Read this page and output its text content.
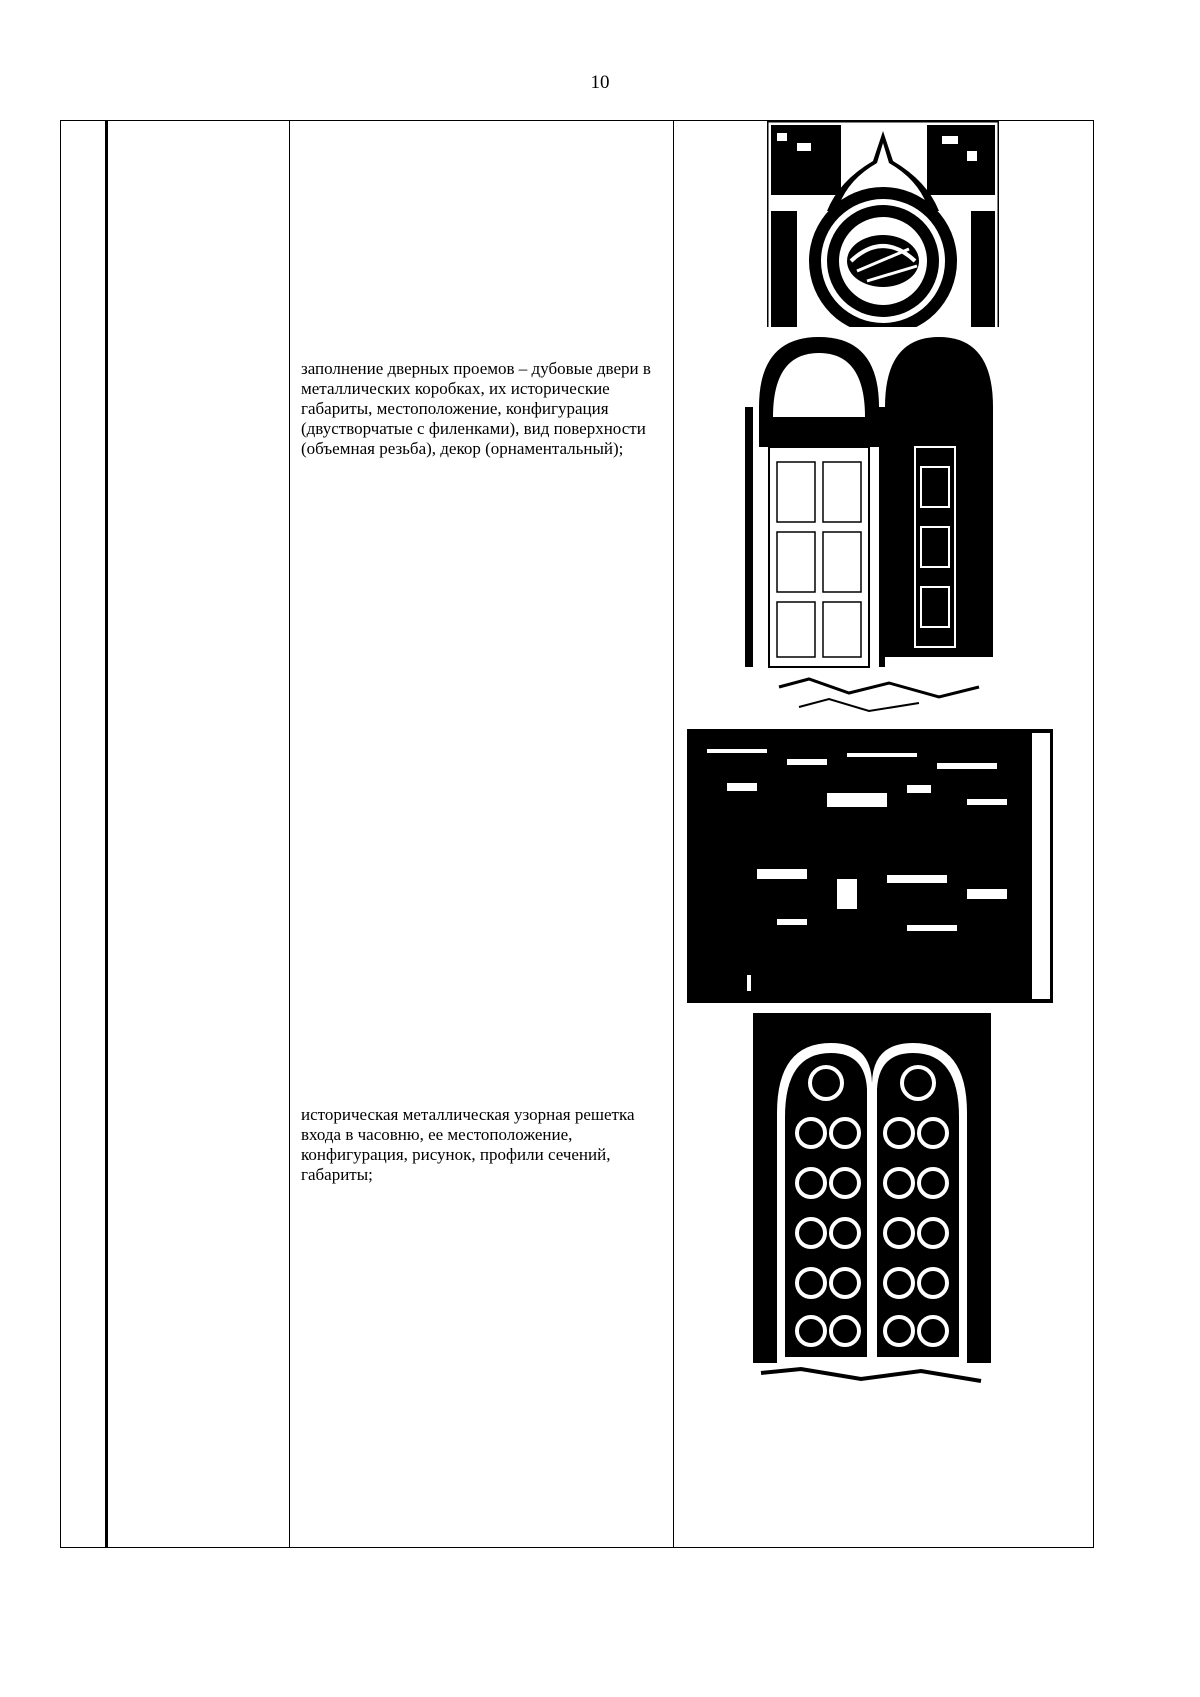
10
заполнение дверных проемов – дубовые двери в металлических коробках, их исторические габариты, местоположение, конфигурация (двустворчатые с филенками), вид поверхности (объемная резьба), декор (орнаментальный);
историческая металлическая узорная решетка входа в часовню, ее местоположение, конфигурация, рисунок, профили сечений, габариты;
